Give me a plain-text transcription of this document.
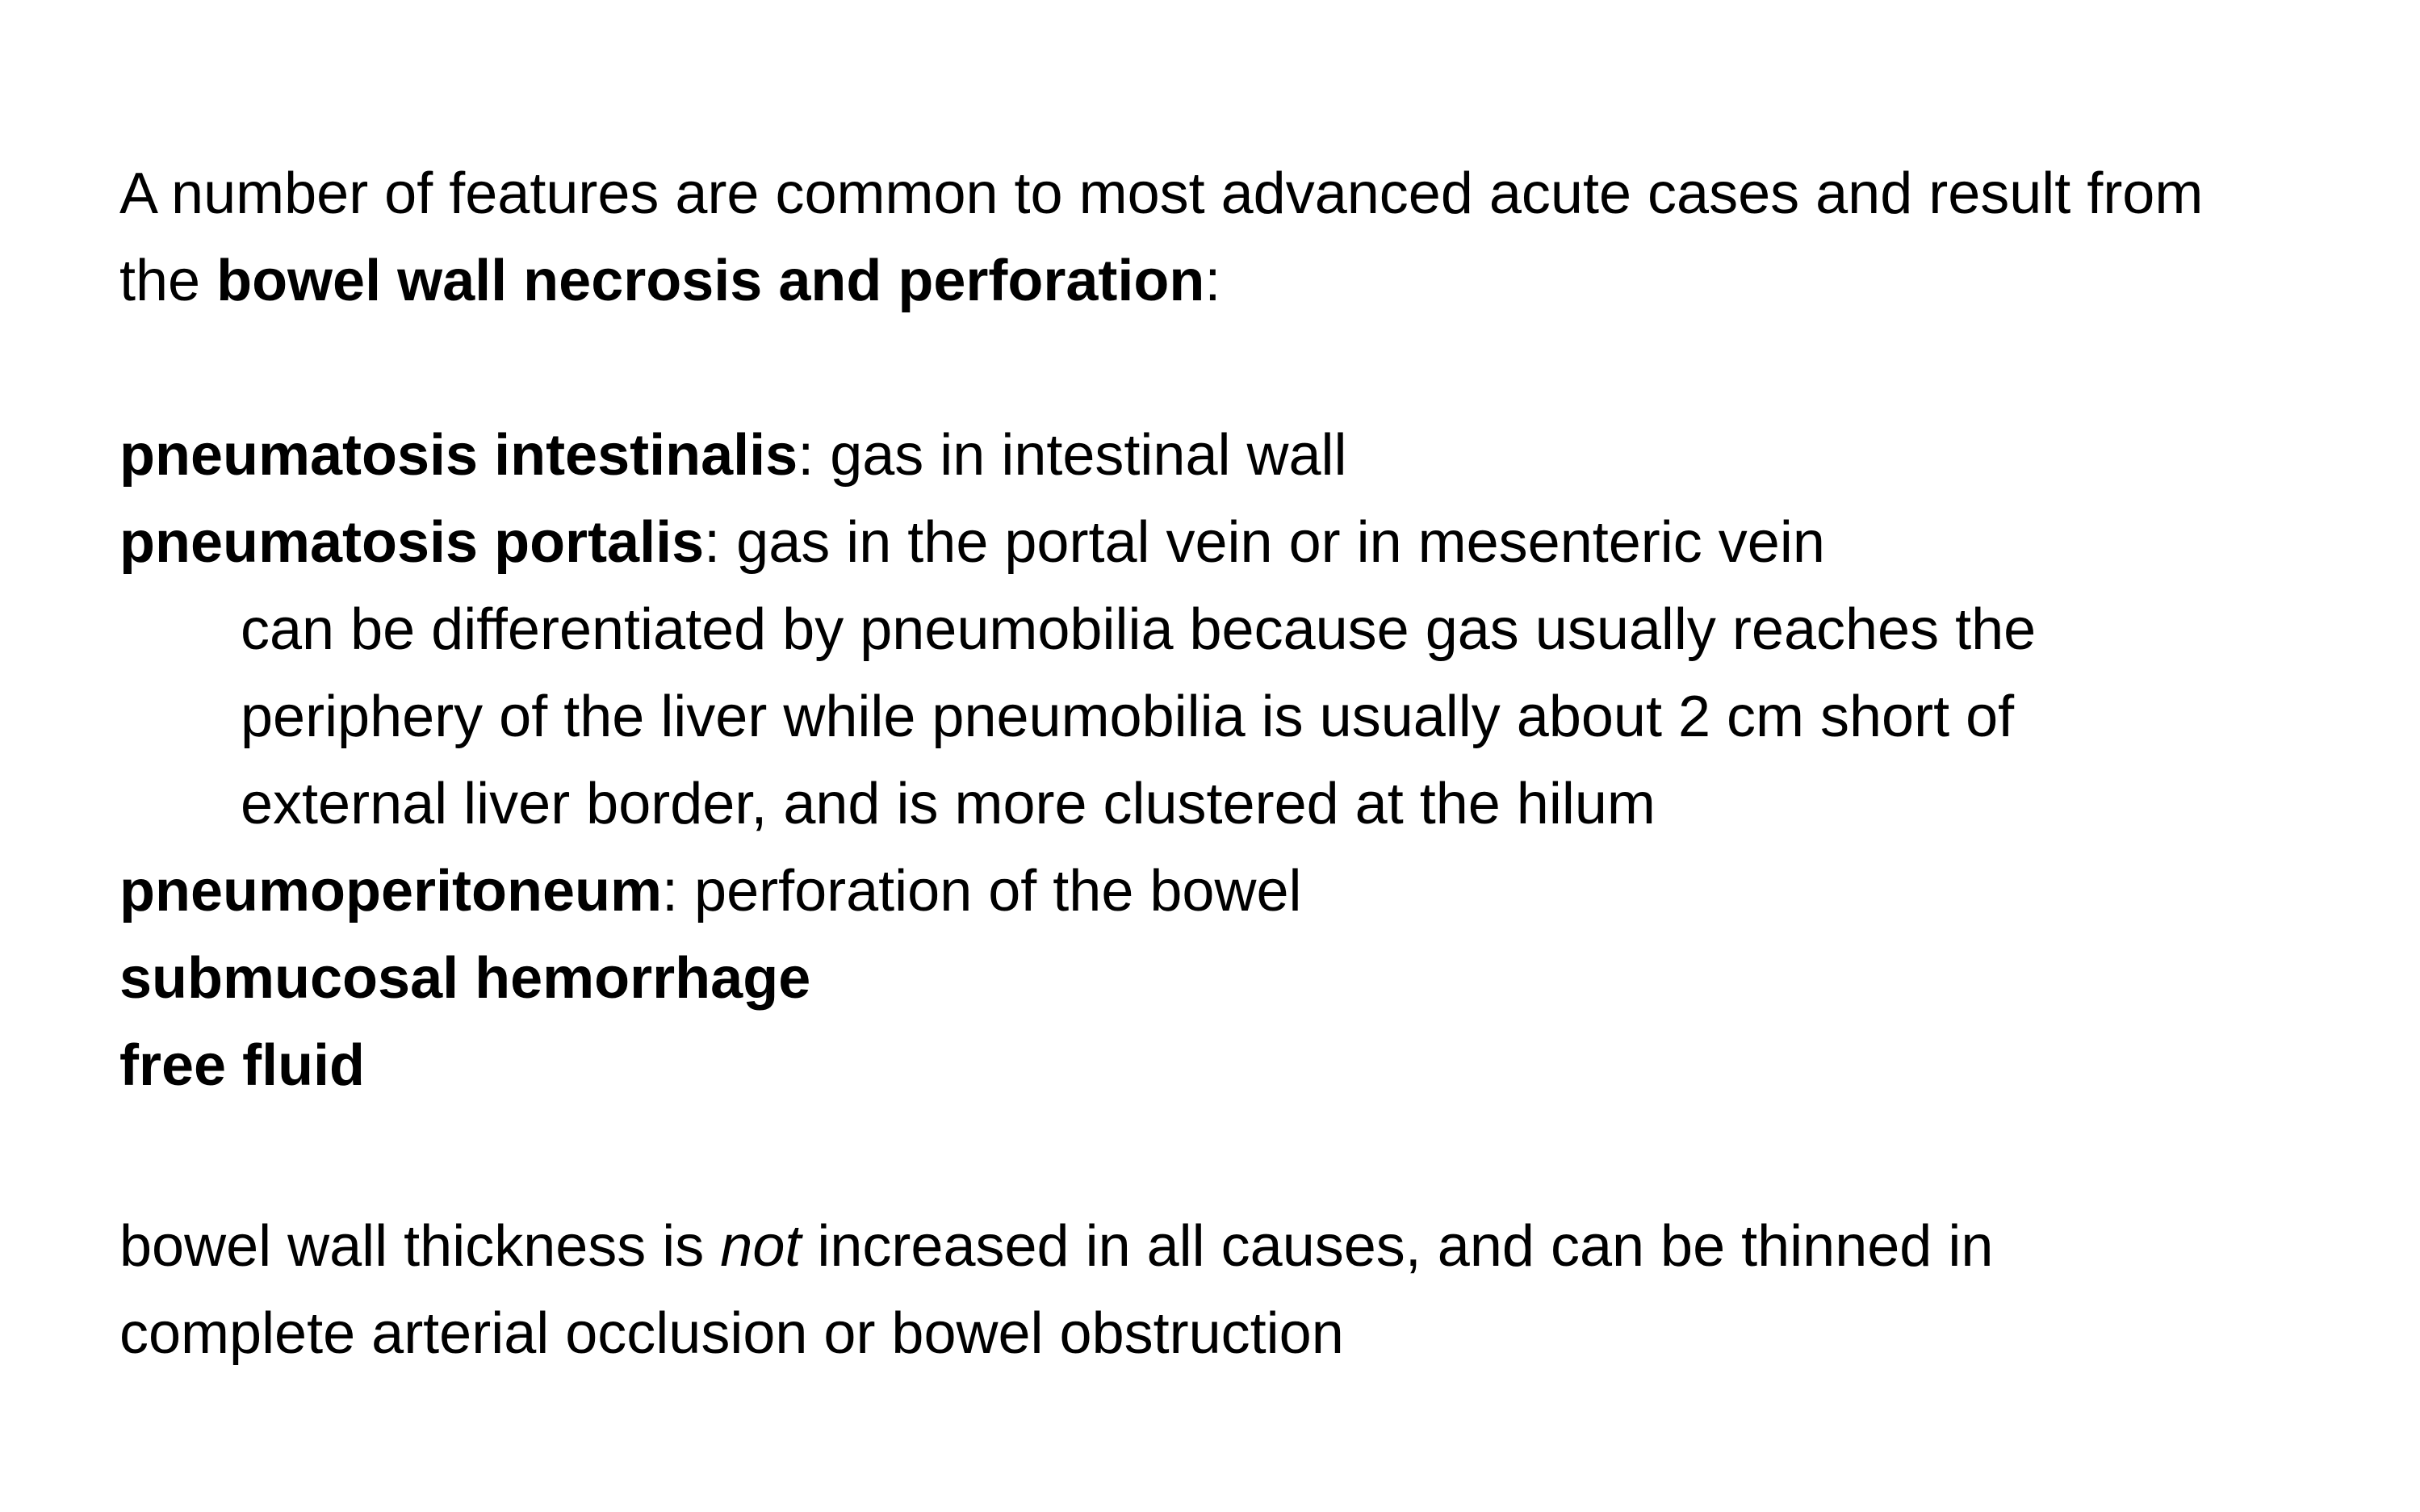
A number of features are common to most advanced acute cases and result from
the bowel wall necrosis and perforation:
pneumatosis intestinalis: gas in intestinal wall
pneumatosis portalis: gas in the portal vein or in mesenteric vein
can be differentiated by pneumobilia because gas usually reaches the
periphery of the liver while pneumobilia is usually about 2 cm short of
external liver border, and is more clustered at the hilum
pneumoperitoneum: perforation of the bowel
submucosal hemorrhage
free fluid
bowel wall thickness is not increased in all causes, and can be thinned in
complete arterial occlusion or bowel obstruction
